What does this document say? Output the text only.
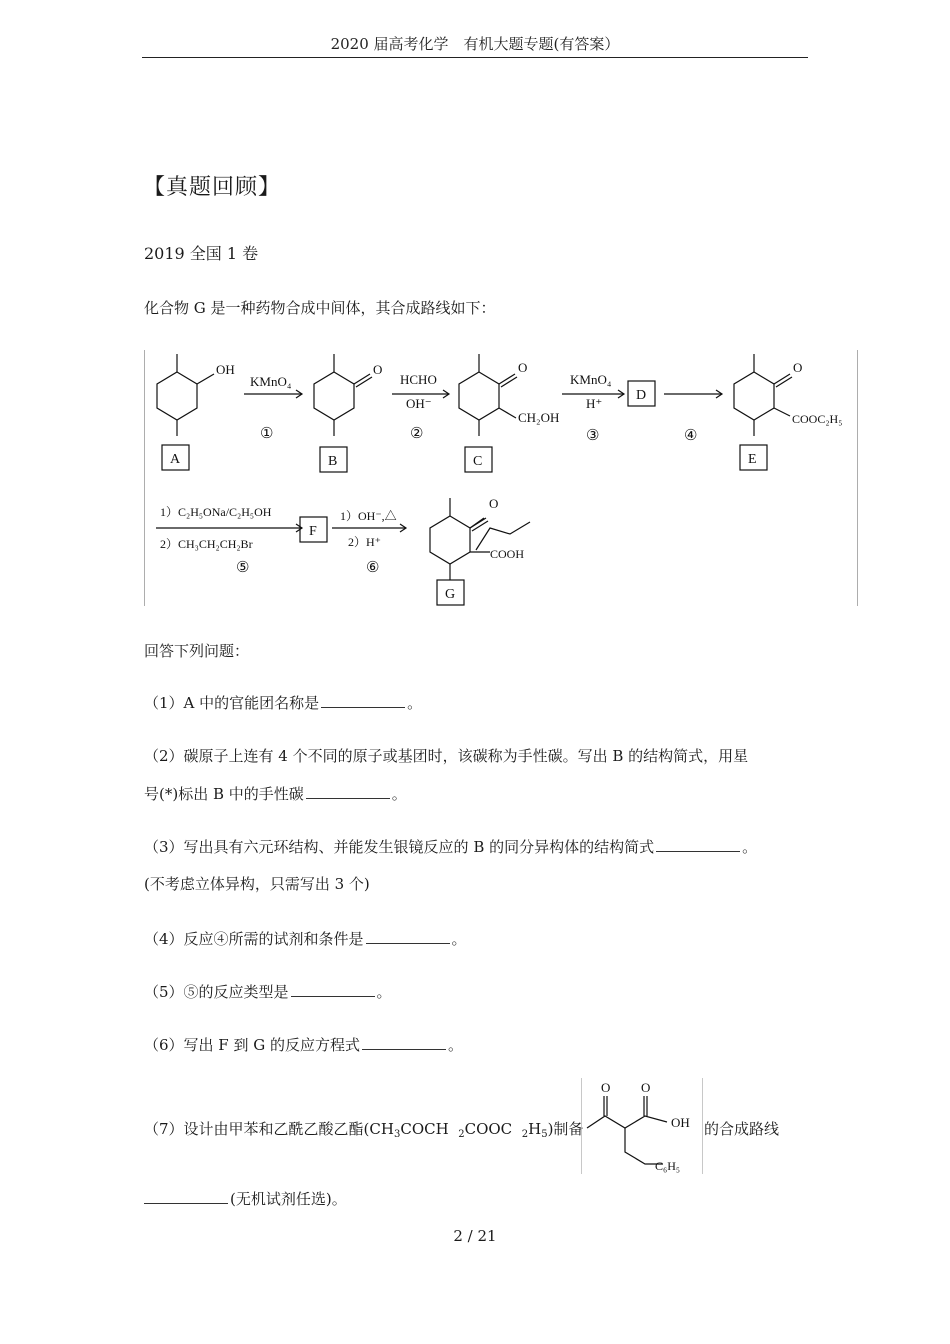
2020 届高考化学　有机大题专题(有答案）
【真题回顾】
2019 全国 1 卷
化合物 G 是一种药物合成中间体，其合成路线如下：
OH
KMnO₄
①
O
HCHO
OH⁻
②
O
CH₂OH
KMnO₄
H⁺
③
D
④
O
COOC₂H₅
A	B	C	E
1）C₂H₅ONa/C₂H₅OH
2）CH₃CH₂CH₂Br
⑤
F
1）OH⁻,△
2）H⁺
⑥
O
COOH
G
回答下列问题：
（1）A 中的官能团名称是	。
（2）碳原子上连有 4 个不同的原子或基团时，该碳称为手性碳。写出 B 的结构简式，用星
号(*)标出 B 中的手性碳	。
（3）写出具有六元环结构、并能发生银镜反应的 B 的同分异构体的结构简式	。
(不考虑立体异构，只需写出 3 个)
（4）反应④所需的试剂和条件是	。
（5）⑤的反应类型是	。
（6）写出 F 到 G 的反应方程式	。
（7）设计由甲苯和乙酰乙酸乙酯($CH_3COCH$ $_2$COOC $_2H_5$)制备
O O
OH
C₆H₅
的合成路线
(无机试剂任选)。
2 / 21
